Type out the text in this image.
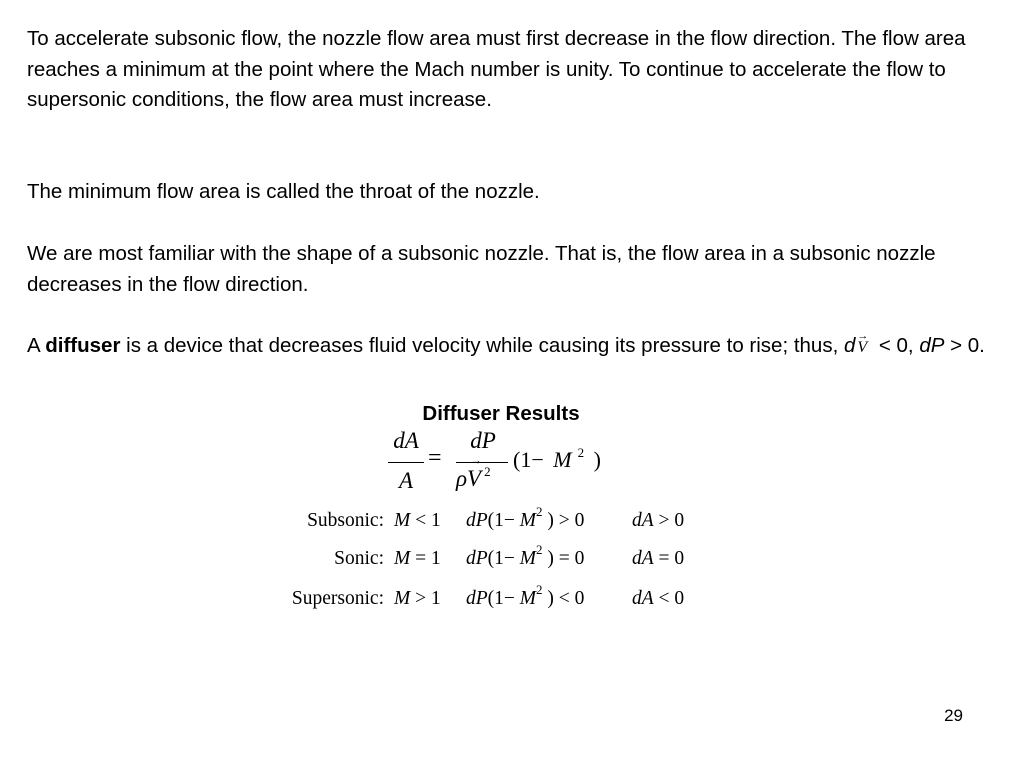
To accelerate subsonic flow, the nozzle flow area must first decrease in the flow direction. The flow area reaches a minimum at the point where the Mach number is unity. To continue to accelerate the flow to supersonic conditions, the flow area must increase.

The minimum flow area is called the throat of the nozzle.

We are most familiar with the shape of a subsonic nozzle. That is, the flow area in a subsonic nozzle decreases in the flow direction.

A diffuser is a device that decreases fluid velocity while causing its pressure to rise; thus, d→ V < 0, dP > 0.

Diffuser Results
dA
A
=
dP
ρ
→
V $^2$	(1− M $^2$ )
Subsonic: M < 1 $dP(1- M^2$ ) > 0 dA > 0
Sonic: M = 1 $dP(1- M^2$ ) = 0 dA = 0
Supersonic: M > 1 $dP(1- M^2$ ) < 0 dA < 0
29
